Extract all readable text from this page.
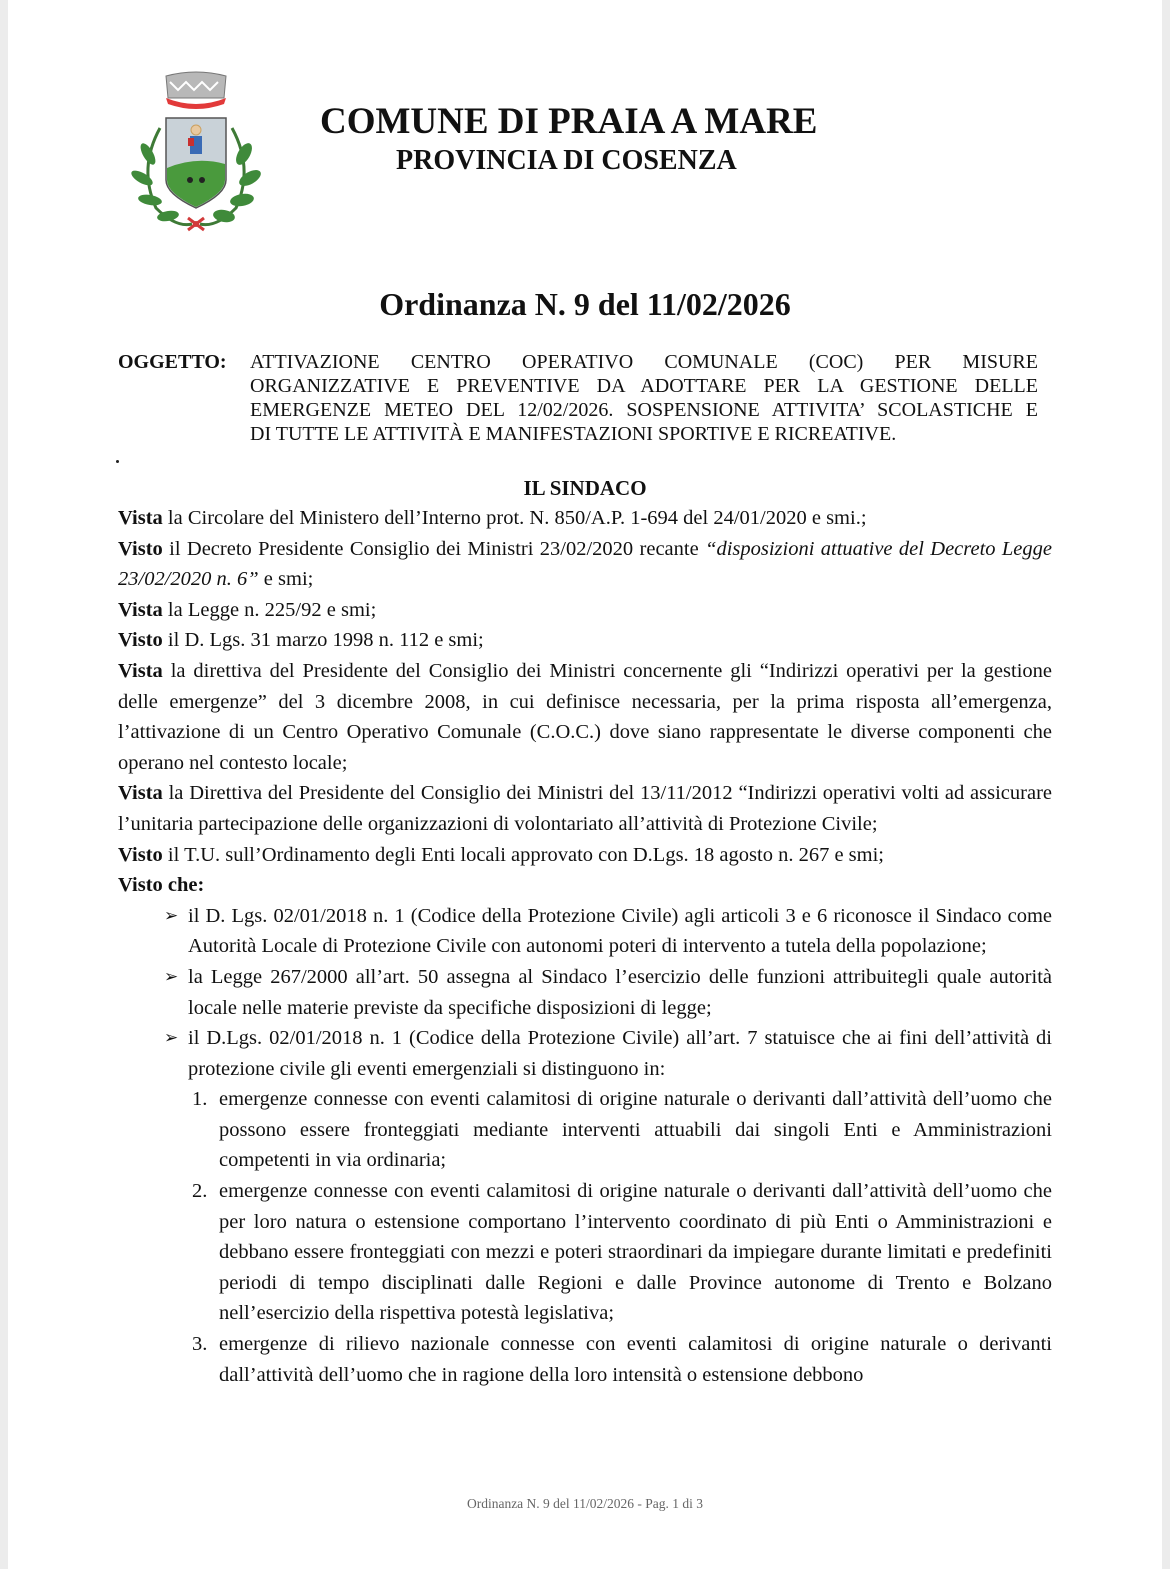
COMUNE DI PRAIA A MARE
PROVINCIA DI COSENZA
Ordinanza N. 9 del 11/02/2026
OGGETTO: ATTIVAZIONE CENTRO OPERATIVO COMUNALE (COC) PER MISURE
ORGANIZZATIVE E PREVENTIVE DA ADOTTARE PER LA GESTIONE DELLE
EMERGENZE METEO DEL 12/02/2026. SOSPENSIONE ATTIVITA’ SCOLASTICHE E
DI TUTTE LE ATTIVITÀ E MANIFESTAZIONI SPORTIVE E RICREATIVE.
IL SINDACO

Vista la Circolare del Ministero dell’Interno prot. N. 850/A.P. 1-694 del 24/01/2020 e smi.;

Visto il Decreto Presidente Consiglio dei Ministri 23/02/2020 recante “disposizioni attuative del Decreto Legge 23/02/2020 n. 6” e smi;

Vista la Legge n. 225/92 e smi;

Visto il D. Lgs. 31 marzo 1998 n. 112 e smi;

Vista la direttiva del Presidente del Consiglio dei Ministri concernente gli “Indirizzi operativi per la gestione delle emergenze” del 3 dicembre 2008, in cui definisce necessaria, per la prima risposta all’emergenza, l’attivazione di un Centro Operativo Comunale (C.O.C.) dove siano rappresentate le diverse componenti che operano nel contesto locale;

Vista la Direttiva del Presidente del Consiglio dei Ministri del 13/11/2012 “Indirizzi operativi volti ad assicurare l’unitaria partecipazione delle organizzazioni di volontariato all’attività di Protezione Civile;

Visto il T.U. sull’Ordinamento degli Enti locali approvato con D.Lgs. 18 agosto n. 267 e smi;

Visto che:

➢ il D. Lgs. 02/01/2018 n. 1 (Codice della Protezione Civile) agli articoli 3 e 6 riconosce il Sindaco come Autorità Locale di Protezione Civile con autonomi poteri di intervento a tutela della popolazione;
➢ la Legge 267/2000 all’art. 50 assegna al Sindaco l’esercizio delle funzioni attribuitegli quale autorità locale nelle materie previste da specifiche disposizioni di legge;
➢ il D.Lgs. 02/01/2018 n. 1 (Codice della Protezione Civile) all’art. 7 statuisce che ai fini dell’attività di protezione civile gli eventi emergenziali si distinguono in:
1. emergenze connesse con eventi calamitosi di origine naturale o derivanti dall’attività dell’uomo che possono essere fronteggiati mediante interventi attuabili dai singoli Enti e Amministrazioni competenti in via ordinaria;
2. emergenze connesse con eventi calamitosi di origine naturale o derivanti dall’attività dell’uomo che per loro natura o estensione comportano l’intervento coordinato di più Enti o Amministrazioni e debbano essere fronteggiati con mezzi e poteri straordinari da impiegare durante limitati e predefiniti periodi di tempo disciplinati dalle Regioni e dalle Province autonome di Trento e Bolzano nell’esercizio della rispettiva potestà legislativa;
3. emergenze di rilievo nazionale connesse con eventi calamitosi di origine naturale o derivanti dall’attività dell’uomo che in ragione della loro intensità o estensione debbono
Ordinanza N. 9 del 11/02/2026 - Pag. 1 di 3
